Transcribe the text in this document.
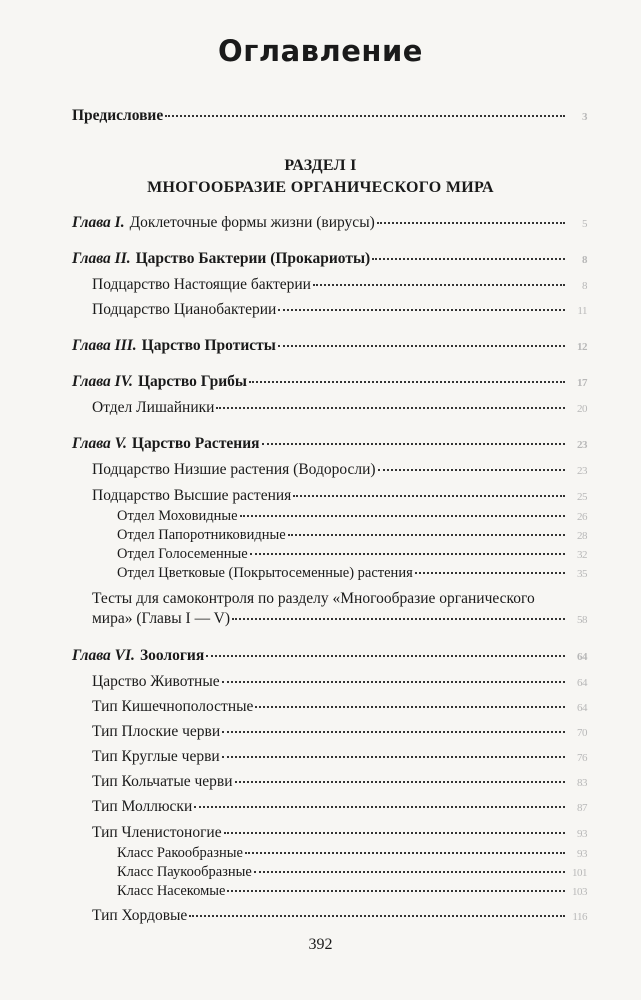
Оглавление
Предисловие	3
РАЗДЕЛ I
МНОГООБРАЗИЕ ОРГАНИЧЕСКОГО МИРА
Глава I. Доклеточные формы жизни (вирусы)	5
Глава II. Царство Бактерии (Прокариоты)	8
Подцарство Настоящие бактерии	8
Подцарство Цианобактерии	11
Глава III. Царство Протисты	12
Глава IV. Царство Грибы	17
Отдел Лишайники	20
Глава V. Царство Растения	23
Подцарство Низшие растения (Водоросли)	23
Подцарство Высшие растения	25
Отдел Моховидные	26
Отдел Папоротниковидные	28
Отдел Голосеменные	32
Отдел Цветковые (Покрытосеменные) растения	35
Тесты для самоконтроля по разделу «Многообразие органического
мира» (Главы I — V)	58
Глава VI. Зоология	64
Царство Животные	64
Тип Кишечнополостные	64
Тип Плоские черви	70
Тип Круглые черви	76
Тип Кольчатые черви	83
Тип Моллюски	87
Тип Членистоногие	93
Класс Ракообразные	93
Класс Паукообразные	101
Класс Насекомые	103
Тип Хордовые	116
392
